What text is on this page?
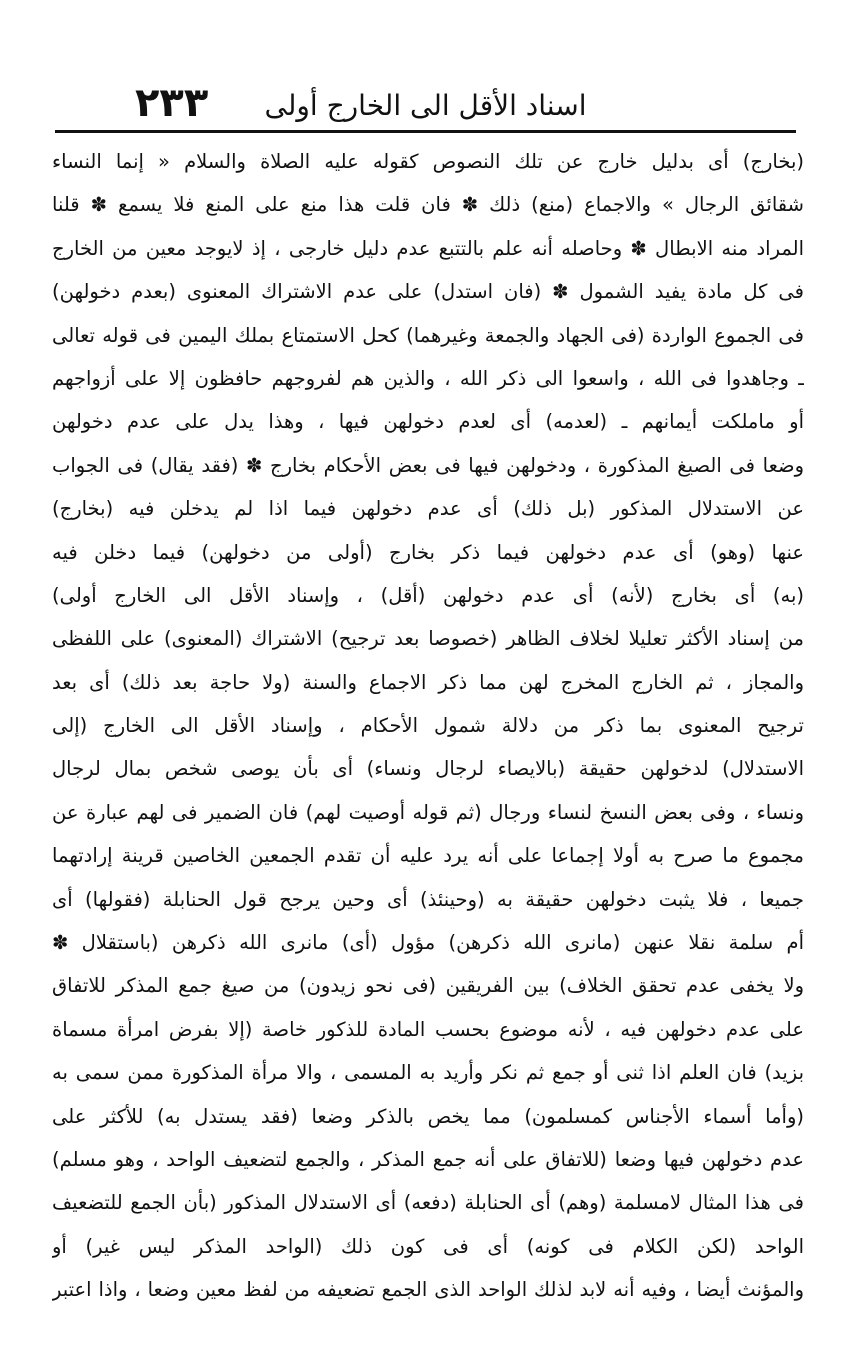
٢٣٣	اسناد الأقل الى الخارج أولى
(بخارج) أى بدليل خارج عن تلك النصوص كقوله عليه الصلاة والسلام « إنما النساء
شقائق الرجال » والاجماع (منع) ذلك ✽ فان قلت هذا منع على المنع فلا يسمع ✽ قلنا
المراد منه الابطال ✽ وحاصله أنه علم بالتتبع عدم دليل خارجى ، إذ لايوجد معين من الخارج
فى كل مادة يفيد الشمول ✽ (فان استدل) على عدم الاشتراك المعنوى (بعدم دخولهن)
فى الجموع الواردة (فى الجهاد والجمعة وغيرهما) كحل الاستمتاع بملك اليمين فى قوله تعالى
ـ وجاهدوا فى الله ، واسعوا الى ذكر الله ، والذين هم لفروجهم حافظون إلا على أزواجهم
أو ماملكت أيمانهم ـ (لعدمه) أى لعدم دخولهن فيها ، وهذا يدل على عدم دخولهن
وضعا فى الصيغ المذكورة ، ودخولهن فيها فى بعض الأحكام بخارج ✽ (فقد يقال) فى الجواب
عن الاستدلال المذكور (بل ذلك) أى عدم دخولهن فيما اذا لم يدخلن فيه (بخارج)
عنها (وهو) أى عدم دخولهن فيما ذكر بخارج (أولى من دخولهن) فيما دخلن فيه
(به) أى بخارج (لأنه) أى عدم دخولهن (أقل) ، وإسناد الأقل الى الخارج أولى)
من إسناد الأكثر تعليلا لخلاف الظاهر (خصوصا بعد ترجيح) الاشتراك (المعنوى) على اللفظى
والمجاز ، ثم الخارج المخرج لهن مما ذكر الاجماع والسنة (ولا حاجة بعد ذلك) أى بعد
ترجيح المعنوى بما ذكر من دلالة شمول الأحكام ، وإسناد الأقل الى الخارج (إلى
الاستدلال) لدخولهن حقيقة (بالايصاء لرجال ونساء) أى بأن يوصى شخص بمال لرجال
ونساء ، وفى بعض النسخ لنساء ورجال (ثم قوله أوصيت لهم) فان الضمير فى لهم عبارة عن
مجموع ما صرح به أولا إجماعا على أنه يرد عليه أن تقدم الجمعين الخاصين قرينة إرادتهما
جميعا ، فلا يثبت دخولهن حقيقة به (وحينئذ) أى وحين يرجح قول الحنابلة (فقولها) أى
أم سلمة نقلا عنهن (مانرى الله ذكرهن) مؤول (أى) مانرى الله ذكرهن (باستقلال ✽
ولا يخفى عدم تحقق الخلاف) بين الفريقين (فى نحو زيدون) من صيغ جمع المذكر للاتفاق
على عدم دخولهن فيه ، لأنه موضوع بحسب المادة للذكور خاصة (إلا بفرض امرأة مسماة
بزيد) فان العلم اذا ثنى أو جمع ثم نكر وأريد به المسمى ، والا مرأة المذكورة ممن سمى به
(وأما أسماء الأجناس كمسلمون) مما يخص بالذكر وضعا (فقد يستدل به) للأكثر على
عدم دخولهن فيها وضعا (للاتفاق على أنه جمع المذكر ، والجمع لتضعيف الواحد ، وهو مسلم)
فى هذا المثال لامسلمة (وهم) أى الحنابلة (دفعه) أى الاستدلال المذكور (بأن الجمع للتضعيف
الواحد (لكن الكلام فى كونه) أى فى كون ذلك (الواحد المذكر ليس غير) أو
والمؤنث أيضا ، وفيه أنه لابد لذلك الواحد الذى الجمع تضعيفه من لفظ معين وضعا ، واذا اعتبر
